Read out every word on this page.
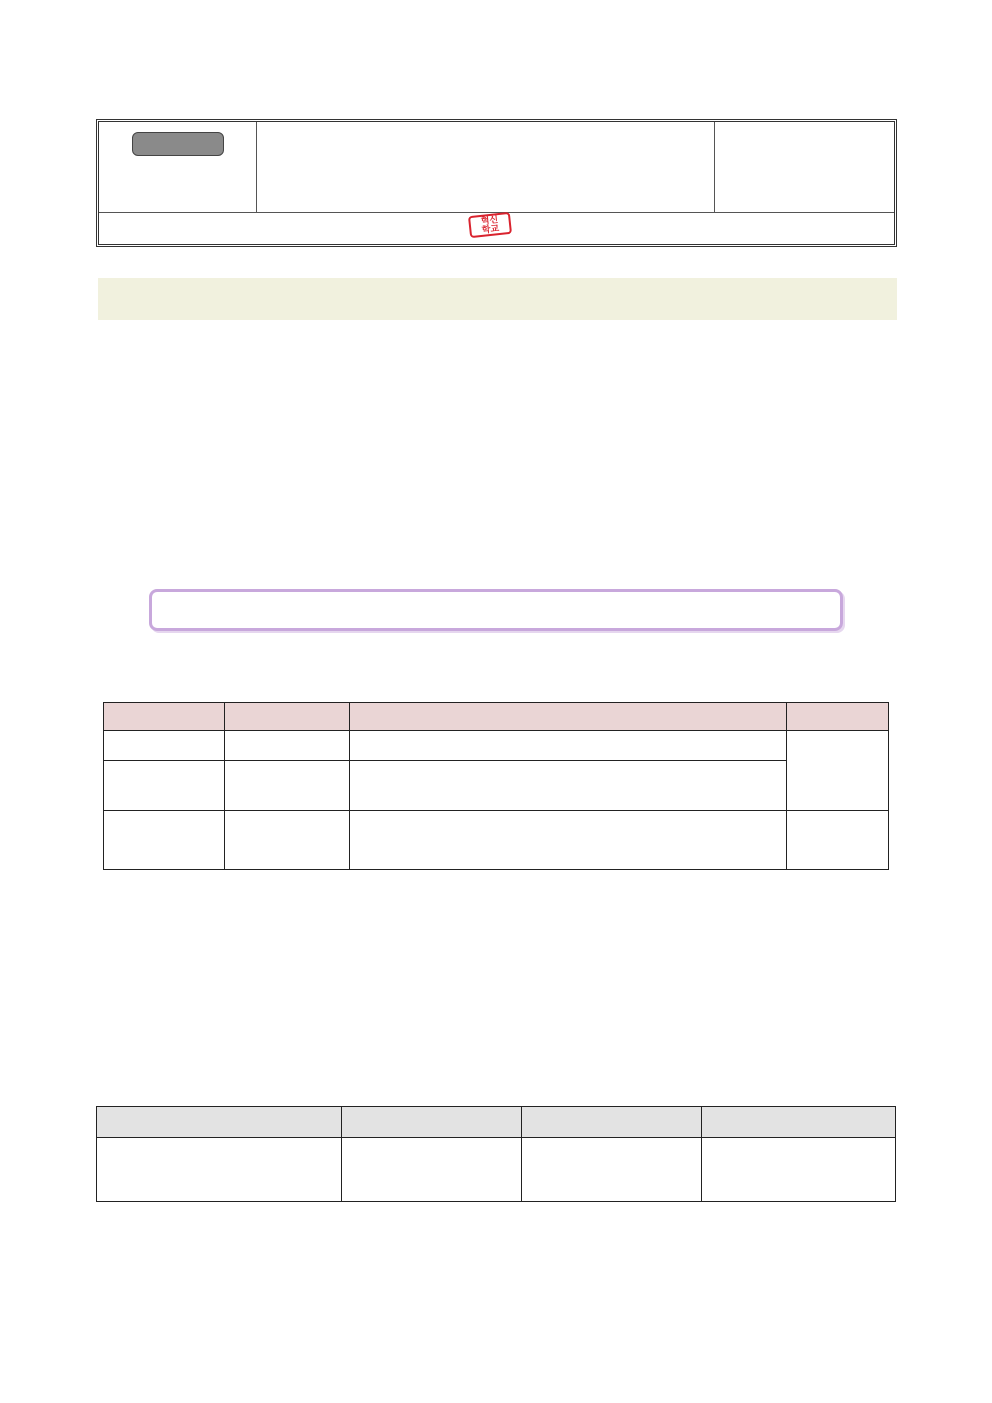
혁신
학교
